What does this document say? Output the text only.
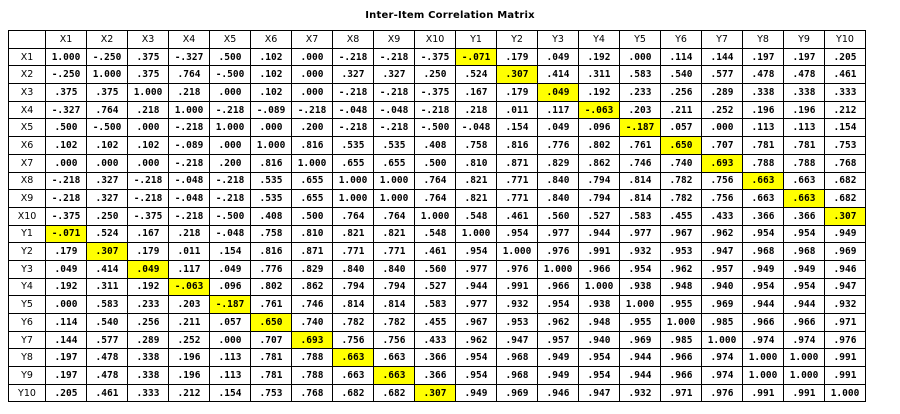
Inter-Item Correlation Matrix
	X1	X2	X3	X4	X5	X6	X7	X8	X9	X10	Y1	Y2	Y3	Y4	Y5	Y6	Y7	Y8	Y9	Y10
X1	1.000	-.250	.375	-.327	.500	.102	.000	-.218	-.218	-.375	-.071	.179	.049	.192	.000	.114	.144	.197	.197	.205
X2	-.250	1.000	.375	.764	-.500	.102	.000	.327	.327	.250	.524	.307	.414	.311	.583	.540	.577	.478	.478	.461
X3	.375	.375	1.000	.218	.000	.102	.000	-.218	-.218	-.375	.167	.179	.049	.192	.233	.256	.289	.338	.338	.333
X4	-.327	.764	.218	1.000	-.218	-.089	-.218	-.048	-.048	-.218	.218	.011	.117	-.063	.203	.211	.252	.196	.196	.212
X5	.500	-.500	.000	-.218	1.000	.000	.200	-.218	-.218	-.500	-.048	.154	.049	.096	-.187	.057	.000	.113	.113	.154
X6	.102	.102	.102	-.089	.000	1.000	.816	.535	.535	.408	.758	.816	.776	.802	.761	.650	.707	.781	.781	.753
X7	.000	.000	.000	-.218	.200	.816	1.000	.655	.655	.500	.810	.871	.829	.862	.746	.740	.693	.788	.788	.768
X8	-.218	.327	-.218	-.048	-.218	.535	.655	1.000	1.000	.764	.821	.771	.840	.794	.814	.782	.756	.663	.663	.682
X9	-.218	.327	-.218	-.048	-.218	.535	.655	1.000	1.000	.764	.821	.771	.840	.794	.814	.782	.756	.663	.663	.682
X10	-.375	.250	-.375	-.218	-.500	.408	.500	.764	.764	1.000	.548	.461	.560	.527	.583	.455	.433	.366	.366	.307
Y1	-.071	.524	.167	.218	-.048	.758	.810	.821	.821	.548	1.000	.954	.977	.944	.977	.967	.962	.954	.954	.949
Y2	.179	.307	.179	.011	.154	.816	.871	.771	.771	.461	.954	1.000	.976	.991	.932	.953	.947	.968	.968	.969
Y3	.049	.414	.049	.117	.049	.776	.829	.840	.840	.560	.977	.976	1.000	.966	.954	.962	.957	.949	.949	.946
Y4	.192	.311	.192	-.063	.096	.802	.862	.794	.794	.527	.944	.991	.966	1.000	.938	.948	.940	.954	.954	.947
Y5	.000	.583	.233	.203	-.187	.761	.746	.814	.814	.583	.977	.932	.954	.938	1.000	.955	.969	.944	.944	.932
Y6	.114	.540	.256	.211	.057	.650	.740	.782	.782	.455	.967	.953	.962	.948	.955	1.000	.985	.966	.966	.971
Y7	.144	.577	.289	.252	.000	.707	.693	.756	.756	.433	.962	.947	.957	.940	.969	.985	1.000	.974	.974	.976
Y8	.197	.478	.338	.196	.113	.781	.788	.663	.663	.366	.954	.968	.949	.954	.944	.966	.974	1.000	1.000	.991
Y9	.197	.478	.338	.196	.113	.781	.788	.663	.663	.366	.954	.968	.949	.954	.944	.966	.974	1.000	1.000	.991
Y10	.205	.461	.333	.212	.154	.753	.768	.682	.682	.307	.949	.969	.946	.947	.932	.971	.976	.991	.991	1.000
